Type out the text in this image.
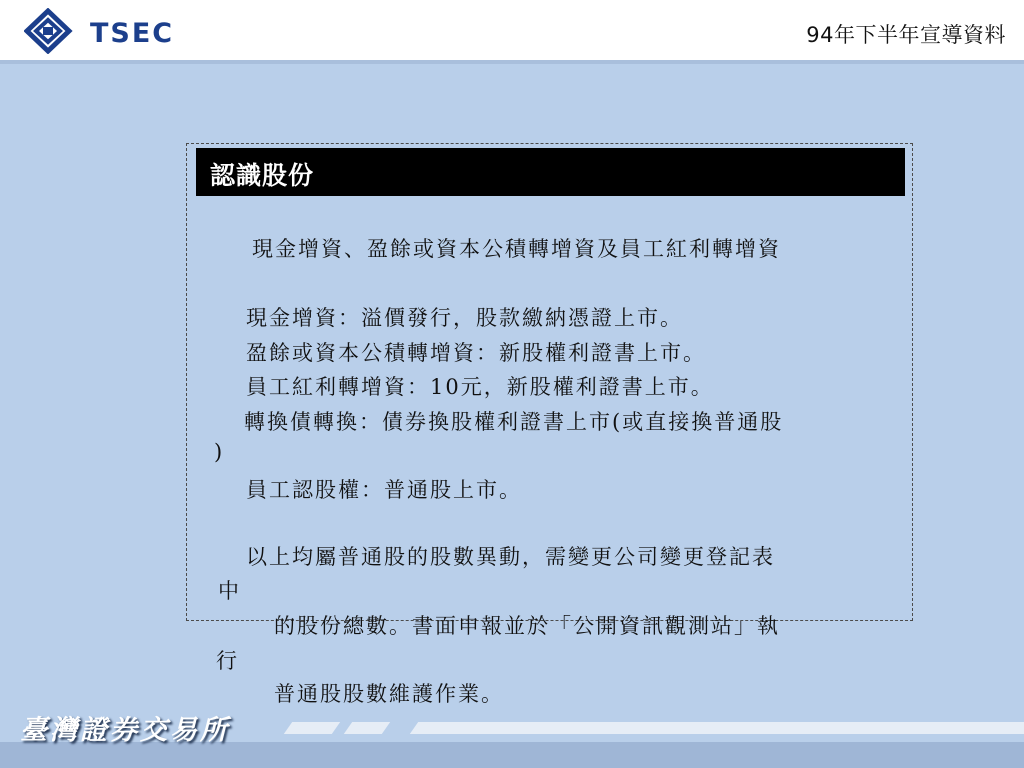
TSEC	94年下半年宣導資料
認識股份
現金增資、盈餘或資本公積轉增資及員工紅利轉增資
現金增資：溢價發行，股款繳納憑證上市。
盈餘或資本公積轉增資：新股權利證書上市。
員工紅利轉增資：10元，新股權利證書上市。
轉換債轉換：債券換股權利證書上市(或直接換普通股
)
員工認股權：普通股上市。
以上均屬普通股的股數異動，需變更公司變更登記表
中
的股份總數。書面申報並於「公開資訊觀測站」執
行
普通股股數維護作業。
臺灣證券交易所
